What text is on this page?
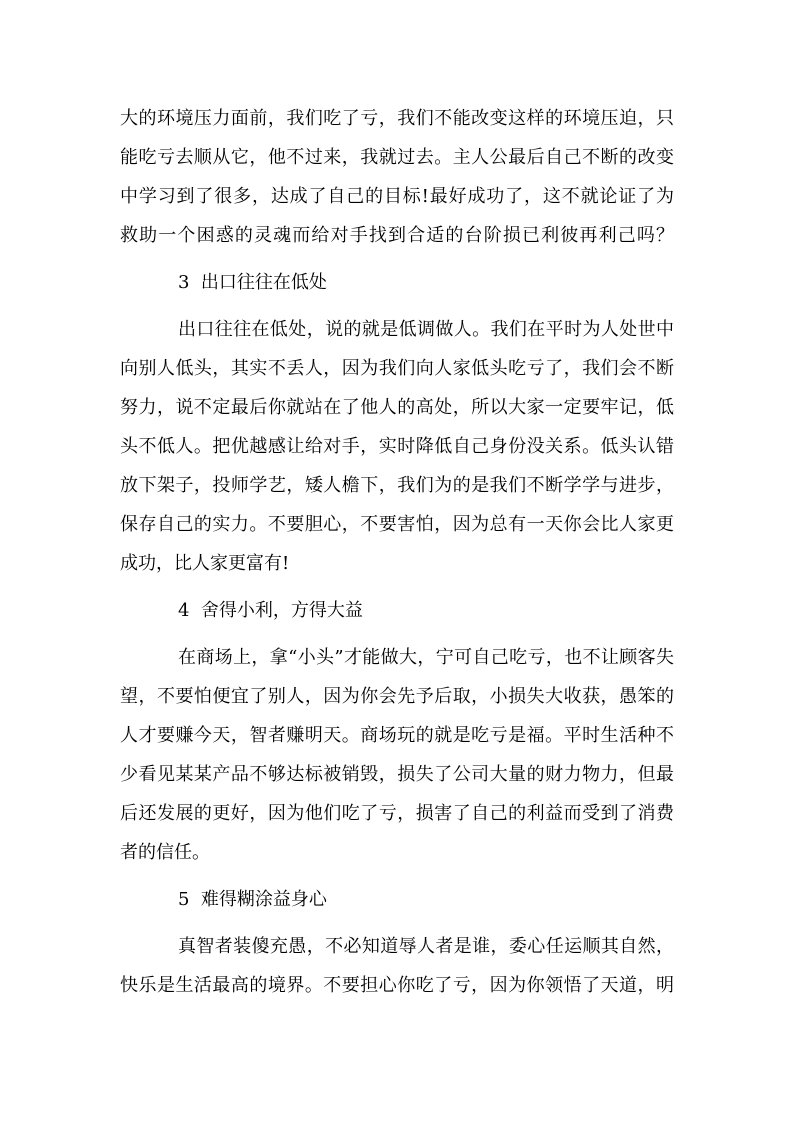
大的环境压力面前，我们吃了亏，我们不能改变这样的环境压迫，只
能吃亏去顺从它，他不过来，我就过去。主人公最后自己不断的改变
中学习到了很多，达成了自己的目标!最好成功了，这不就论证了为
救助一个困惑的灵魂而给对手找到合适的台阶损已利彼再利己吗？
3  出口往往在低处
出口往往在低处，说的就是低调做人。我们在平时为人处世中
向别人低头，其实不丢人，因为我们向人家低头吃亏了，我们会不断
努力，说不定最后你就站在了他人的高处，所以大家一定要牢记，低
头不低人。把优越感让给对手，实时降低自己身份没关系。低头认错
放下架子，投师学艺，矮人檐下，我们为的是我们不断学学与进步，
保存自己的实力。不要胆心，不要害怕，因为总有一天你会比人家更
成功，比人家更富有!
4  舍得小利，方得大益
在商场上，拿“小头”才能做大，宁可自己吃亏，也不让顾客失
望，不要怕便宜了别人，因为你会先予后取，小损失大收获，愚笨的
人才要赚今天，智者赚明天。商场玩的就是吃亏是福。平时生活种不
少看见某某产品不够达标被销毁，损失了公司大量的财力物力，但最
后还发展的更好，因为他们吃了亏，损害了自己的利益而受到了消费
者的信任。
5  难得糊涂益身心
真智者装傻充愚，不必知道辱人者是谁，委心任运顺其自然，
快乐是生活最高的境界。不要担心你吃了亏，因为你领悟了天道，明
